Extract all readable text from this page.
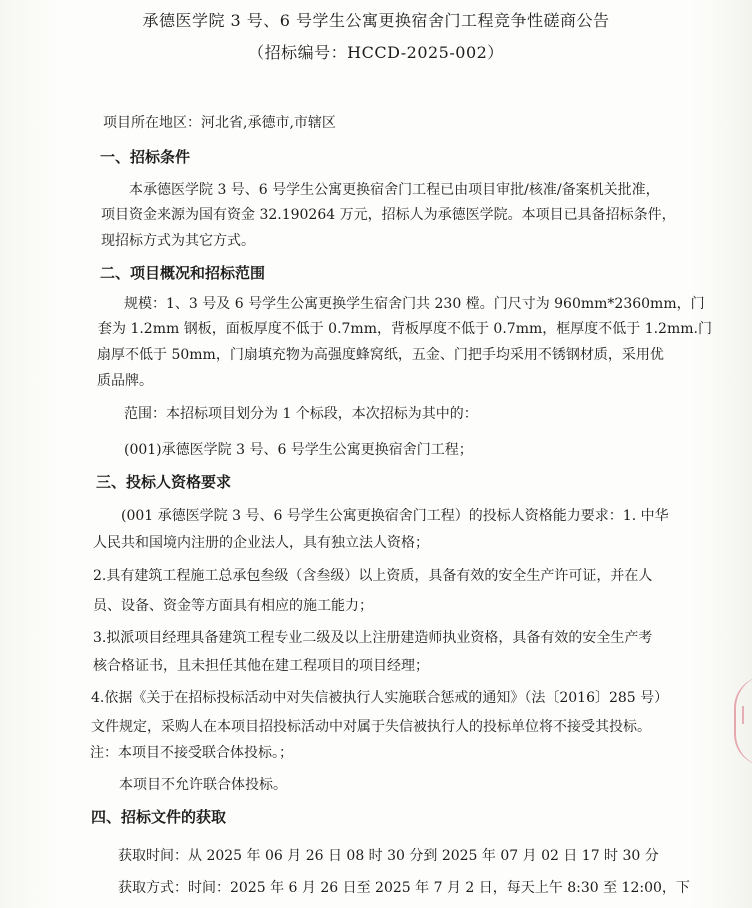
承德医学院 3 号、6 号学生公寓更换宿舍门工程竞争性磋商公告
（招标编号：HCCD-2025-002）
项目所在地区：河北省,承德市,市辖区
一、招标条件
本承德医学院 3 号、6 号学生公寓更换宿舍门工程已由项目审批/核准/备案机关批准，
项目资金来源为国有资金 32.190264 万元，招标人为承德医学院。本项目已具备招标条件，
现招标方式为其它方式。
二、项目概况和招标范围
规模：1、3 号及 6 号学生公寓更换学生宿舍门共 230 樘。门尺寸为 960mm*2360mm，门
套为 1.2mm 钢板，面板厚度不低于 0.7mm，背板厚度不低于 0.7mm，框厚度不低于 1.2mm.门
扇厚不低于 50mm，门扇填充物为高强度蜂窝纸，五金、门把手均采用不锈钢材质，采用优
质品牌。
范围：本招标项目划分为 1 个标段，本次招标为其中的：
(001)承德医学院 3 号、6 号学生公寓更换宿舍门工程；
三、投标人资格要求
(001 承德医学院 3 号、6 号学生公寓更换宿舍门工程）的投标人资格能力要求：1. 中华
人民共和国境内注册的企业法人，具有独立法人资格；
2.具有建筑工程施工总承包叁级（含叁级）以上资质，具备有效的安全生产许可证，并在人
员、设备、资金等方面具有相应的施工能力；
3.拟派项目经理具备建筑工程专业二级及以上注册建造师执业资格，具备有效的安全生产考
核合格证书，且未担任其他在建工程项目的项目经理；
4.依据《关于在招标投标活动中对失信被执行人实施联合惩戒的通知》（法〔2016〕285 号）
文件规定，采购人在本项目招投标活动中对属于失信被执行人的投标单位将不接受其投标。
注：本项目不接受联合体投标。；
本项目不允许联合体投标。
四、招标文件的获取
获取时间：从 2025 年 06 月 26 日 08 时 30 分到 2025 年 07 月 02 日 17 时 30 分
获取方式：时间：2025 年 6 月 26 日至 2025 年 7 月 2 日，每天上午 8:30 至 12:00，下
